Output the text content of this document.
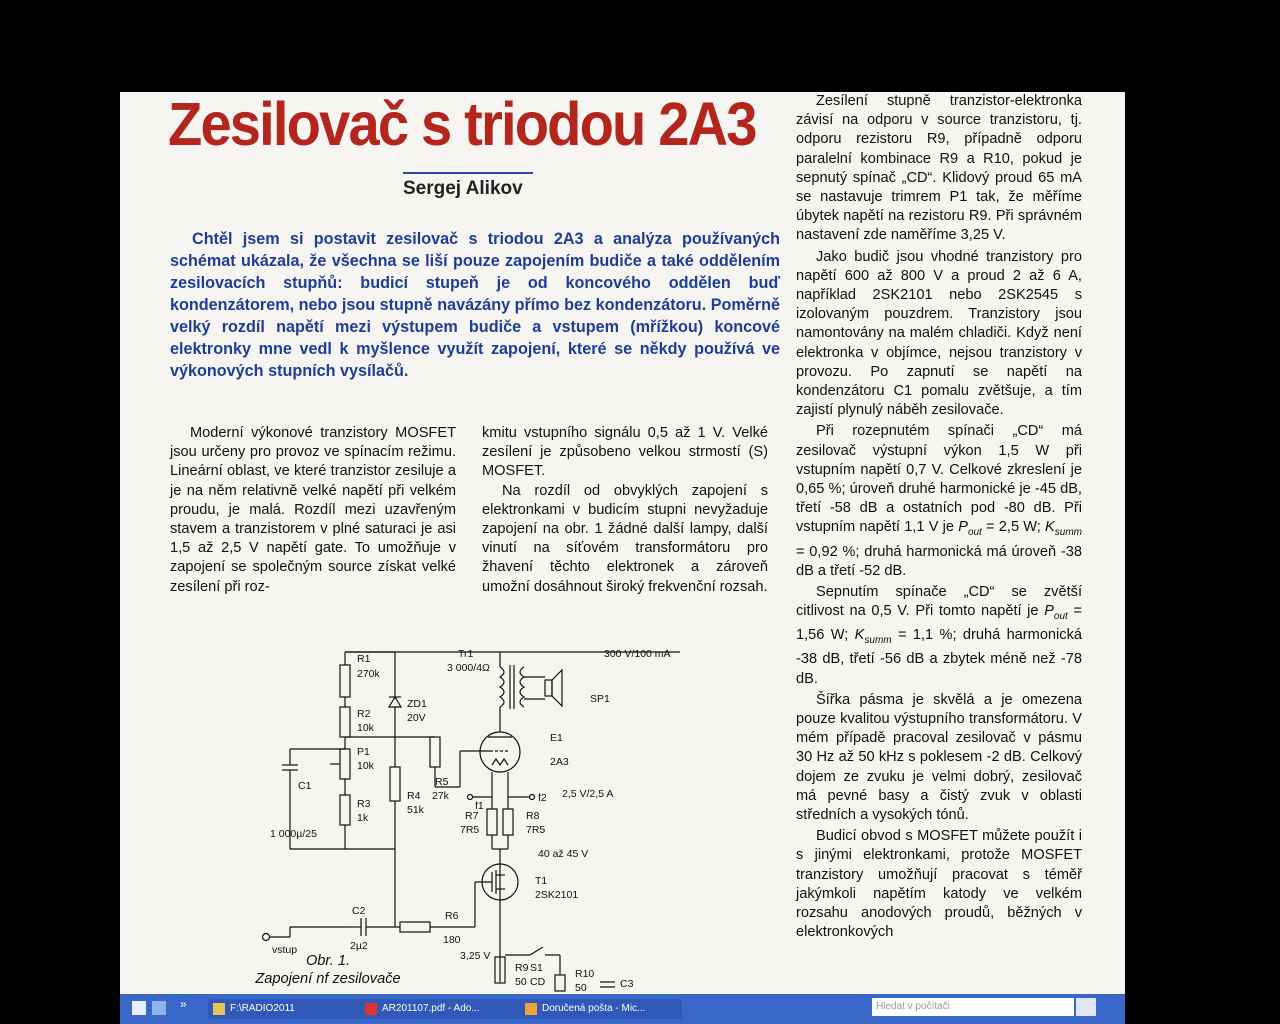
Zesilovač s triodou 2A3
Sergej Alikov
Chtěl jsem si postavit zesilovač s triodou 2A3 a analýza používaných schémat ukázala, že všechna se liší pouze zapojením budiče a také oddělením zesilovacích stupňů: budicí stupeň je od koncového oddělen buď kondenzátorem, nebo jsou stupně navázány přímo bez kondenzátoru. Poměrně velký rozdíl napětí mezi výstupem budiče a vstupem (mřížkou) koncové elektronky mne vedl k myšlence využít zapojení, které se někdy používá ve výkonových stupních vysílačů.

Moderní výkonové tranzistory MOSFET jsou určeny pro provoz ve spínacím režimu. Lineární oblast, ve které tranzistor zesiluje a je na něm relativně velké napětí při velkém proudu, je malá. Rozdíl mezi uzavřeným stavem a tranzistorem v plné saturaci je asi 1,5 až 2,5 V napětí gate. To umožňuje v zapojení se společným source získat velké zesílení při roz-

kmitu vstupního signálu 0,5 až 1 V. Velké zesílení je způsobeno velkou strmostí (S) MOSFET.

Na rozdíl od obvyklých zapojení s elektronkami v budicím stupni nevyžaduje zapojení na obr. 1 žádné další lampy, další vinutí na síťovém transformátoru pro žhavení těchto elektronek a zároveň umožní dosáhnout široký frekvenční rozsah.

Zesílení stupně tranzistor-elektronka závisí na odporu v source tranzistoru, tj. odporu rezistoru R9, případně odporu paralelní kombinace R9 a R10, pokud je sepnutý spínač „CD“. Klidový proud 65 mA se nastavuje trimrem P1 tak, že měříme úbytek napětí na rezistoru R9. Při správném nastavení zde naměříme 3,25 V.

Jako budič jsou vhodné tranzistory pro napětí 600 až 800 V a proud 2 až 6 A, například 2SK2101 nebo 2SK2545 s izolovaným pouzdrem. Tranzistory jsou namontovány na malém chladiči. Když není elektronka v objímce, nejsou tranzistory v provozu. Po zapnutí se napětí na kondenzátoru C1 pomalu zvětšuje, a tím zajistí plynulý náběh zesilovače.

Při rozepnutém spínači „CD“ má zesilovač výstupní výkon 1,5 W při vstupním napětí 0,7 V. Celkové zkreslení je 0,65 %; úroveň druhé harmonické je -45 dB, třetí -58 dB a ostatních pod -80 dB. Při vstupním napětí 1,1 V je $P_{out} = 2,5$ W; $K_{summ} = 0,92$ %; druhá harmonická má úroveň -38 dB a třetí -52 dB.

Sepnutím spínače „CD“ se zvětší citlivost na 0,5 V. Při tomto napětí je $P_{out} = 1,56$ W; $K_{summ} = 1,1$ %; druhá harmonická -38 dB, třetí -56 dB a zbytek méně než -78 dB.

Šířka pásma je skvělá a je omezena pouze kvalitou výstupního transformátoru. V mém případě pracoval zesilovač v pásmu 30 Hz až 50 kHz s poklesem -2 dB. Celkový dojem ze zvuku je velmi dobrý, zesilovač má pevné basy a čistý zvuk v oblasti středních a vysokých tónů.

Budicí obvod s MOSFET můžete použít i s jinými elektronkami, protože MOSFET tranzistory umožňují pracovat s téměř jakýmkoli napětím katody ve velkém rozsahu anodových proudů, běžných v elektronkových

R1
270k
R2
10k
P1
10k
R3
1k
C1
1 000µ/25
ZD1
20V
R4
51k
R5
27k
Tr1
3 000/4Ω
300 V/100 mA
SP1
E1
2A3
f1
f2 2,5 V/2,5 A
R7
7R5
R8
7R5
40 až 45 V
T1
2SK2101
C2
2µ2
R6
180
vstup	3,25 V
S1
CD
R10
50
R9
50	C3
Obr. 1.
Zapojení nf zesilovače
»	F:\RADIO2011	AR201107.pdf - Ado...	Doručená pošta - Mic...	Hledat v počítači
